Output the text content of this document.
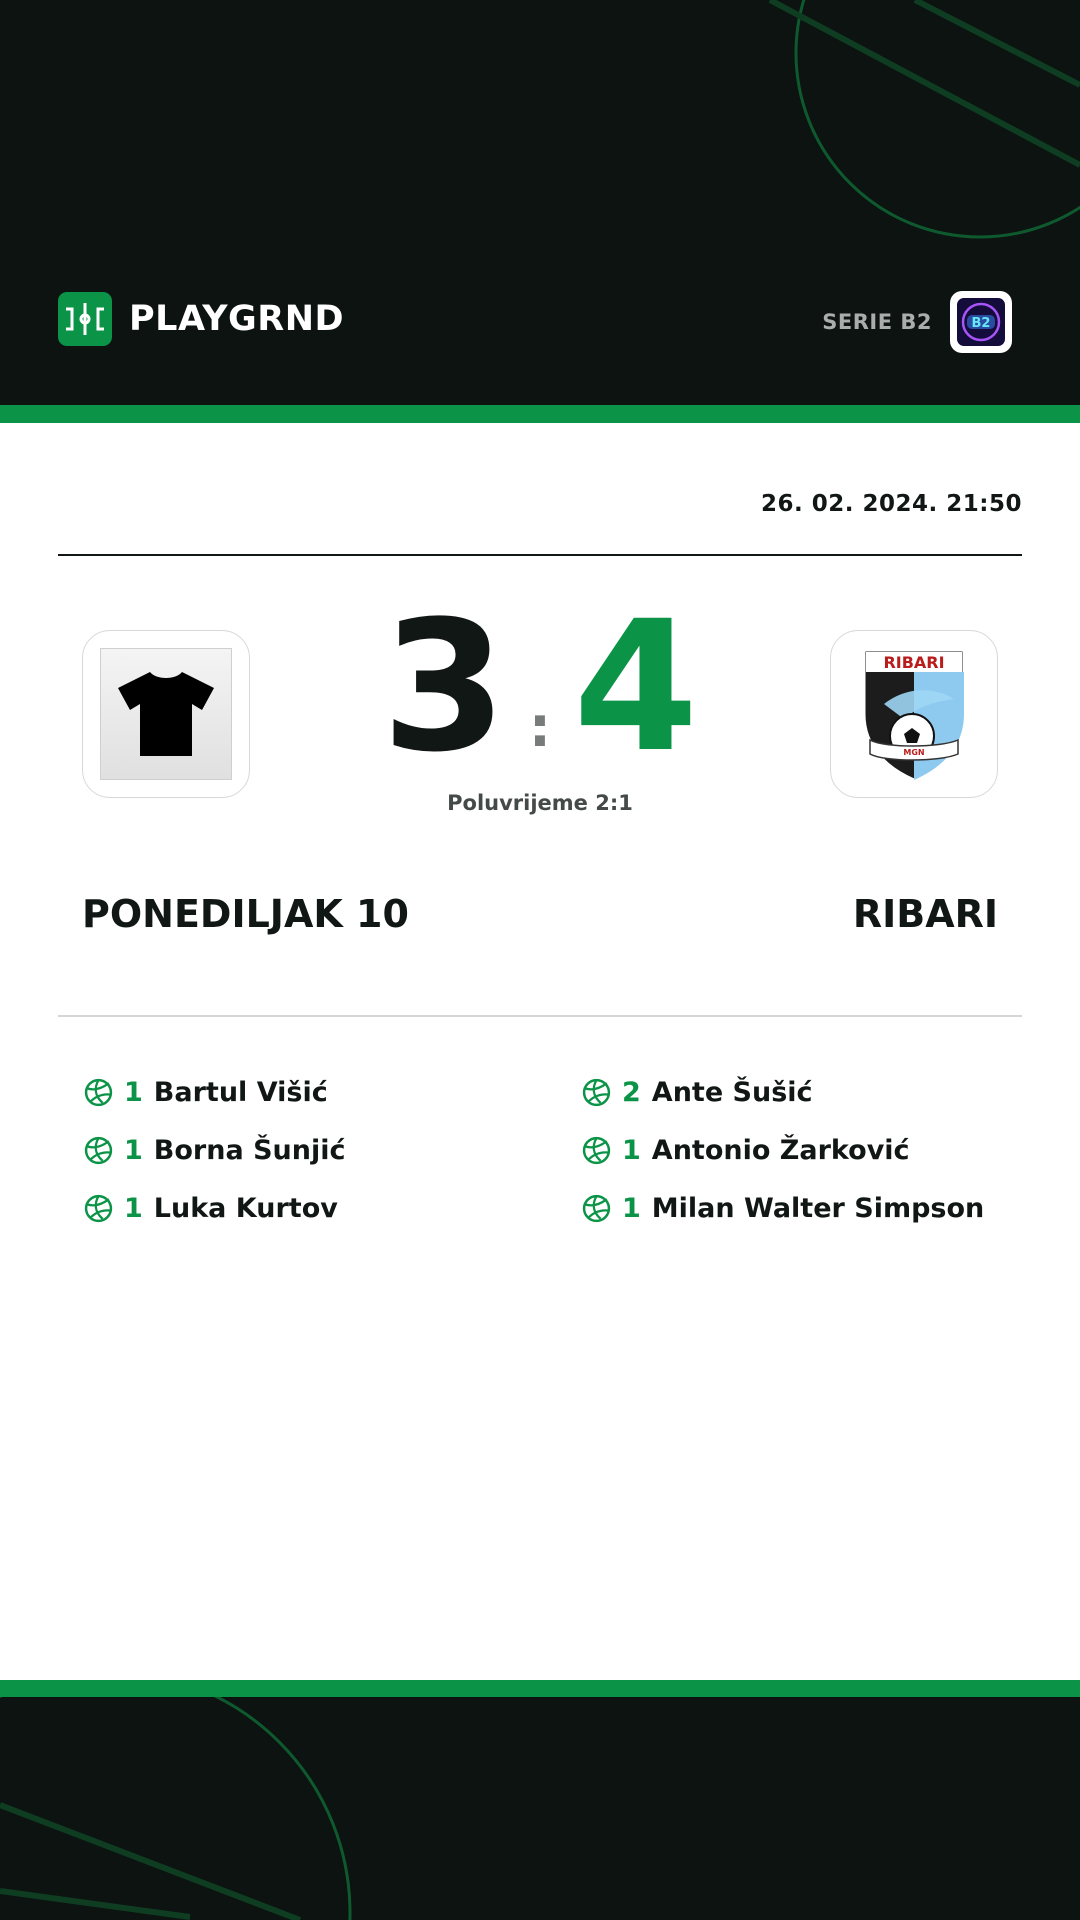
PLAYGRND	SERIE B2	B2
26. 02. 2024. 21:50
3 : 4	RIBARI
MGN
Poluvrijeme 2:1
PONEDILJAK 10	RIBARI
1 Bartul Višić
1 Borna Šunjić
1 Luka Kurtov
2 Ante Šušić
1 Antonio Žarković
1 Milan Walter Simpson
